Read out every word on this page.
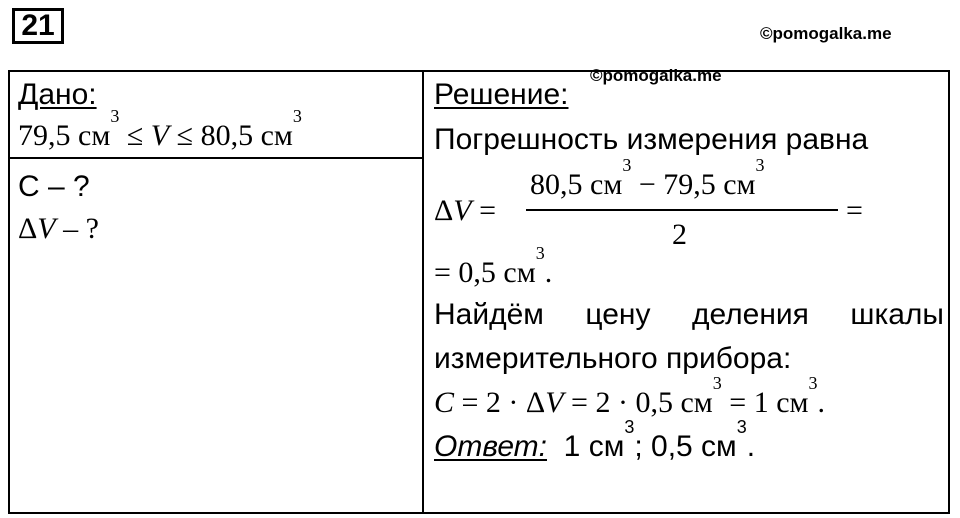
21	©pomogalka.me
©pomogalka.me
Дано:
79,5 $см^3 \le V \le 80,5$ $см^3$
C – ?
ΔV – ?
Решение:
Погрешность измерения равна
ΔV =
80,5 $см^3 - 79,5$ $см^3$
2
=
= 0,5 $см^3$.
Найдём цену деления шкалы
измерительного прибора:
C = 2 · ΔV = 2 · 0,5 $см^3 = 1$ $см^3$.
Ответ: 1 $см^3$; 0,5 $см^3$.
